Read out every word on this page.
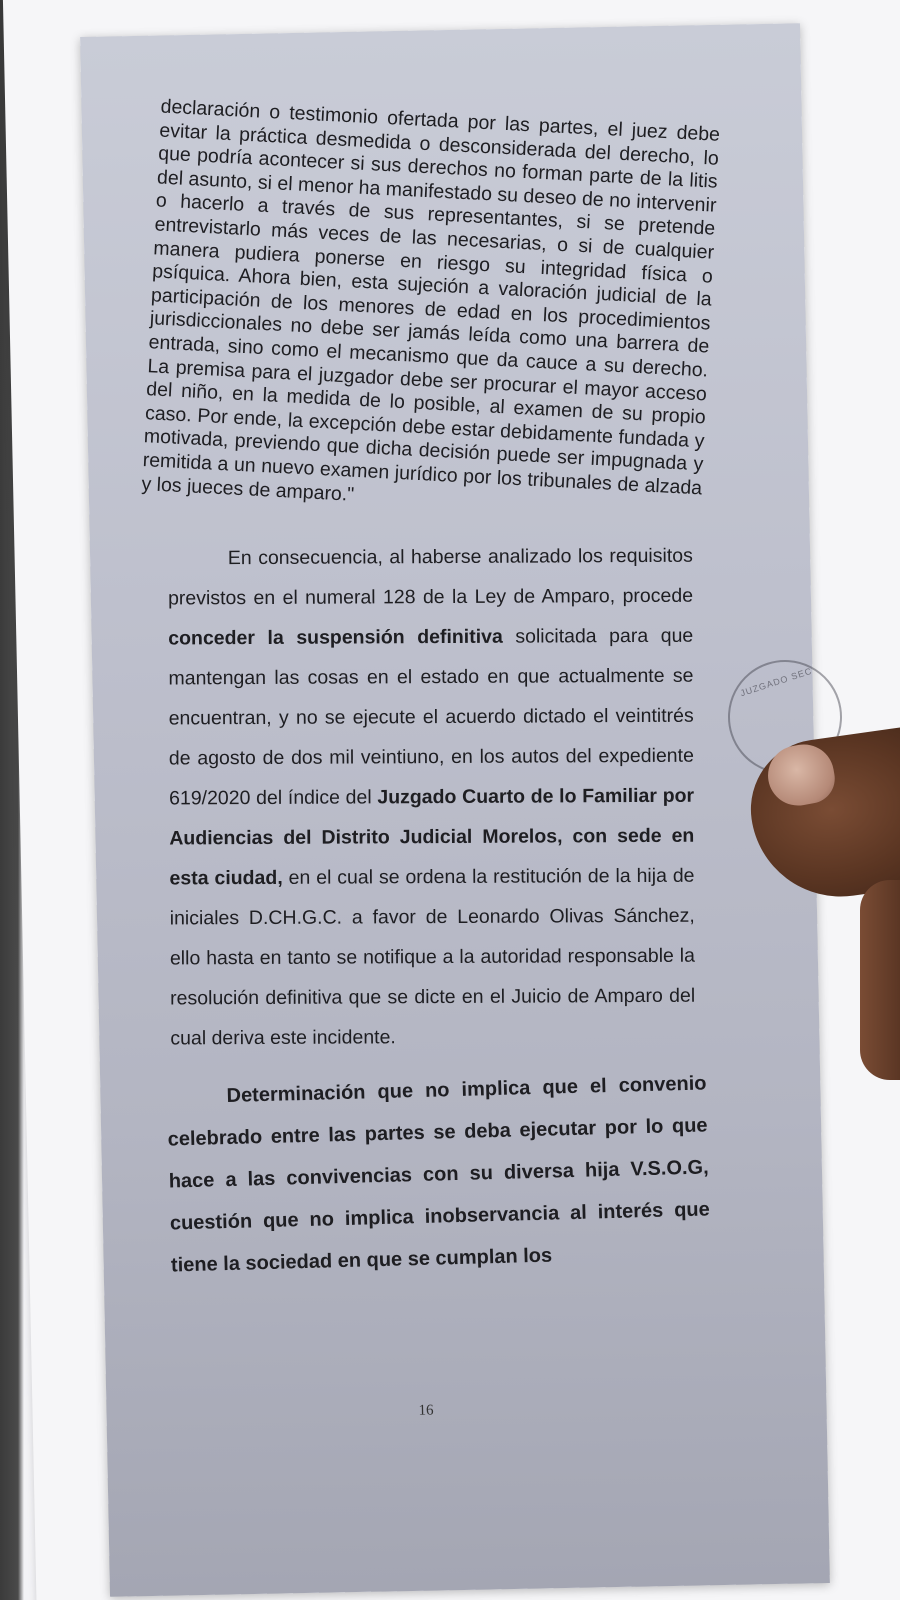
declaración o testimonio ofertada por las partes, el juez debe evitar la práctica desmedida o desconsiderada del derecho, lo que podría acontecer si sus derechos no forman parte de la litis del asunto, si el menor ha manifestado su deseo de no intervenir o hacerlo a través de sus representantes, si se pretende entrevistarlo más veces de las necesarias, o si de cualquier manera pudiera ponerse en riesgo su integridad física o psíquica. Ahora bien, esta sujeción a valoración judicial de la participación de los menores de edad en los procedimientos jurisdiccionales no debe ser jamás leída como una barrera de entrada, sino como el mecanismo que da cauce a su derecho. La premisa para el juzgador debe ser procurar el mayor acceso del niño, en la medida de lo posible, al examen de su propio caso. Por ende, la excepción debe estar debidamente fundada y motivada, previendo que dicha decisión puede ser impugnada y remitida a un nuevo examen jurídico por los tribunales de alzada y los jueces de amparo."

En consecuencia, al haberse analizado los requisitos previstos en el numeral 128 de la Ley de Amparo, procede conceder la suspensión definitiva solicitada para que mantengan las cosas en el estado en que actualmente se encuentran, y no se ejecute el acuerdo dictado el veintitrés de agosto de dos mil veintiuno, en los autos del expediente 619/2020 del índice del Juzgado Cuarto de lo Familiar por Audiencias del Distrito Judicial Morelos, con sede en esta ciudad, en el cual se ordena la restitución de la hija de iniciales D.CH.G.C. a favor de Leonardo Olivas Sánchez, ello hasta en tanto se notifique a la autoridad responsable la resolución definitiva que se dicte en el Juicio de Amparo del cual deriva este incidente.

Determinación que no implica que el convenio celebrado entre las partes se deba ejecutar por lo que hace a las convivencias con su diversa hija V.S.O.G, cuestión que no implica inobservancia al interés que tiene la sociedad en que se cumplan los

16
JUZGADO SEC
